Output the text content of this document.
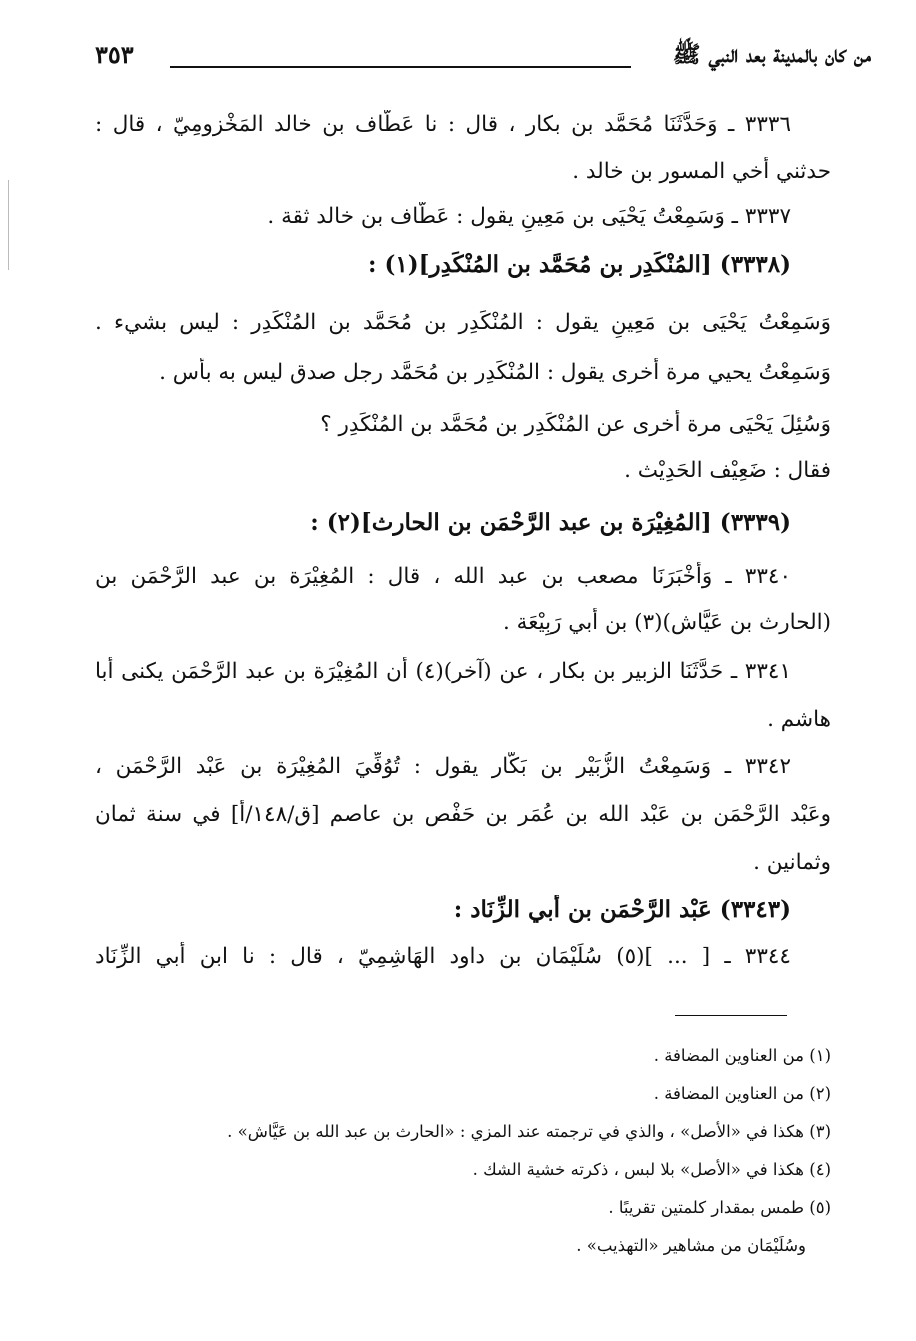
من كان بالمدينة بعد النبي ﷺ
٣٥٣
٣٣٣٦ ـ وَحَدَّثَنَا مُحَمَّد بن بكار ، قال : نا عَطَّاف بن خالد المَخْزومِيّ ، قال :
حدثني أخي المسور بن خالد .
٣٣٣٧ ـ وَسَمِعْتُ يَحْيَى بن مَعِينٍ يقول : عَطَّاف بن خالد ثقة .
(٣٣٣٨) [المُنْكَدِر بن مُحَمَّد بن المُنْكَدِر](١) :
وَسَمِعْتُ يَحْيَى بن مَعِينٍ يقول : المُنْكَدِر بن مُحَمَّد بن المُنْكَدِر : ليس بشيء .
وَسَمِعْتُ يحيي مرة أخرى يقول : المُنْكَدِر بن مُحَمَّد رجل صدق ليس به بأس .
وَسُئِلَ يَحْيَى مرة أخرى عن المُنْكَدِر بن مُحَمَّد بن المُنْكَدِر ؟
فقال : ضَعِيْف الحَدِيْث .
(٣٣٣٩) [المُغِيْرَة بن عبد الرَّحْمَن بن الحارث](٢) :
٣٣٤٠ ـ وَأَخْبَرَنَا مصعب بن عبد الله ، قال : المُغِيْرَة بن عبد الرَّحْمَن بن
(الحارث بن عَيَّاش)(٣) بن أبي رَبِيْعَة .
٣٣٤١ ـ حَدَّثَنَا الزبير بن بكار ، عن (آخر)(٤) أن المُغِيْرَة بن عبد الرَّحْمَن يكنى أبا
هاشم .
٣٣٤٢ ـ وَسَمِعْتُ الزُّبَيْر بن بَكَّار يقول : تُوُفِّيَ المُغِيْرَة بن عَبْد الرَّحْمَن ،
وعَبْد الرَّحْمَن بن عَبْد الله بن عُمَر بن حَفْص بن عاصم [ق/١٤٨/أ] في سنة ثمان
وثمانين .
(٣٣٤٣) عَبْد الرَّحْمَن بن أبي الزِّنَاد :
٣٣٤٤ ـ [ ... ](٥) سُلَيْمَان بن داود الهَاشِمِيّ ، قال : نا ابن أبي الزِّنَاد
(١) من العناوين المضافة .
(٢) من العناوين المضافة .
(٣) هكذا في «الأصل» ، والذي في ترجمته عند المزي : «الحارث بن عبد الله بن عَيَّاش» .
(٤) هكذا في «الأصل» بلا لبس ، ذكرته خشية الشك .
(٥) طمس بمقدار كلمتين تقريبًا .
وسُلَيْمَان من مشاهير «التهذيب» .
